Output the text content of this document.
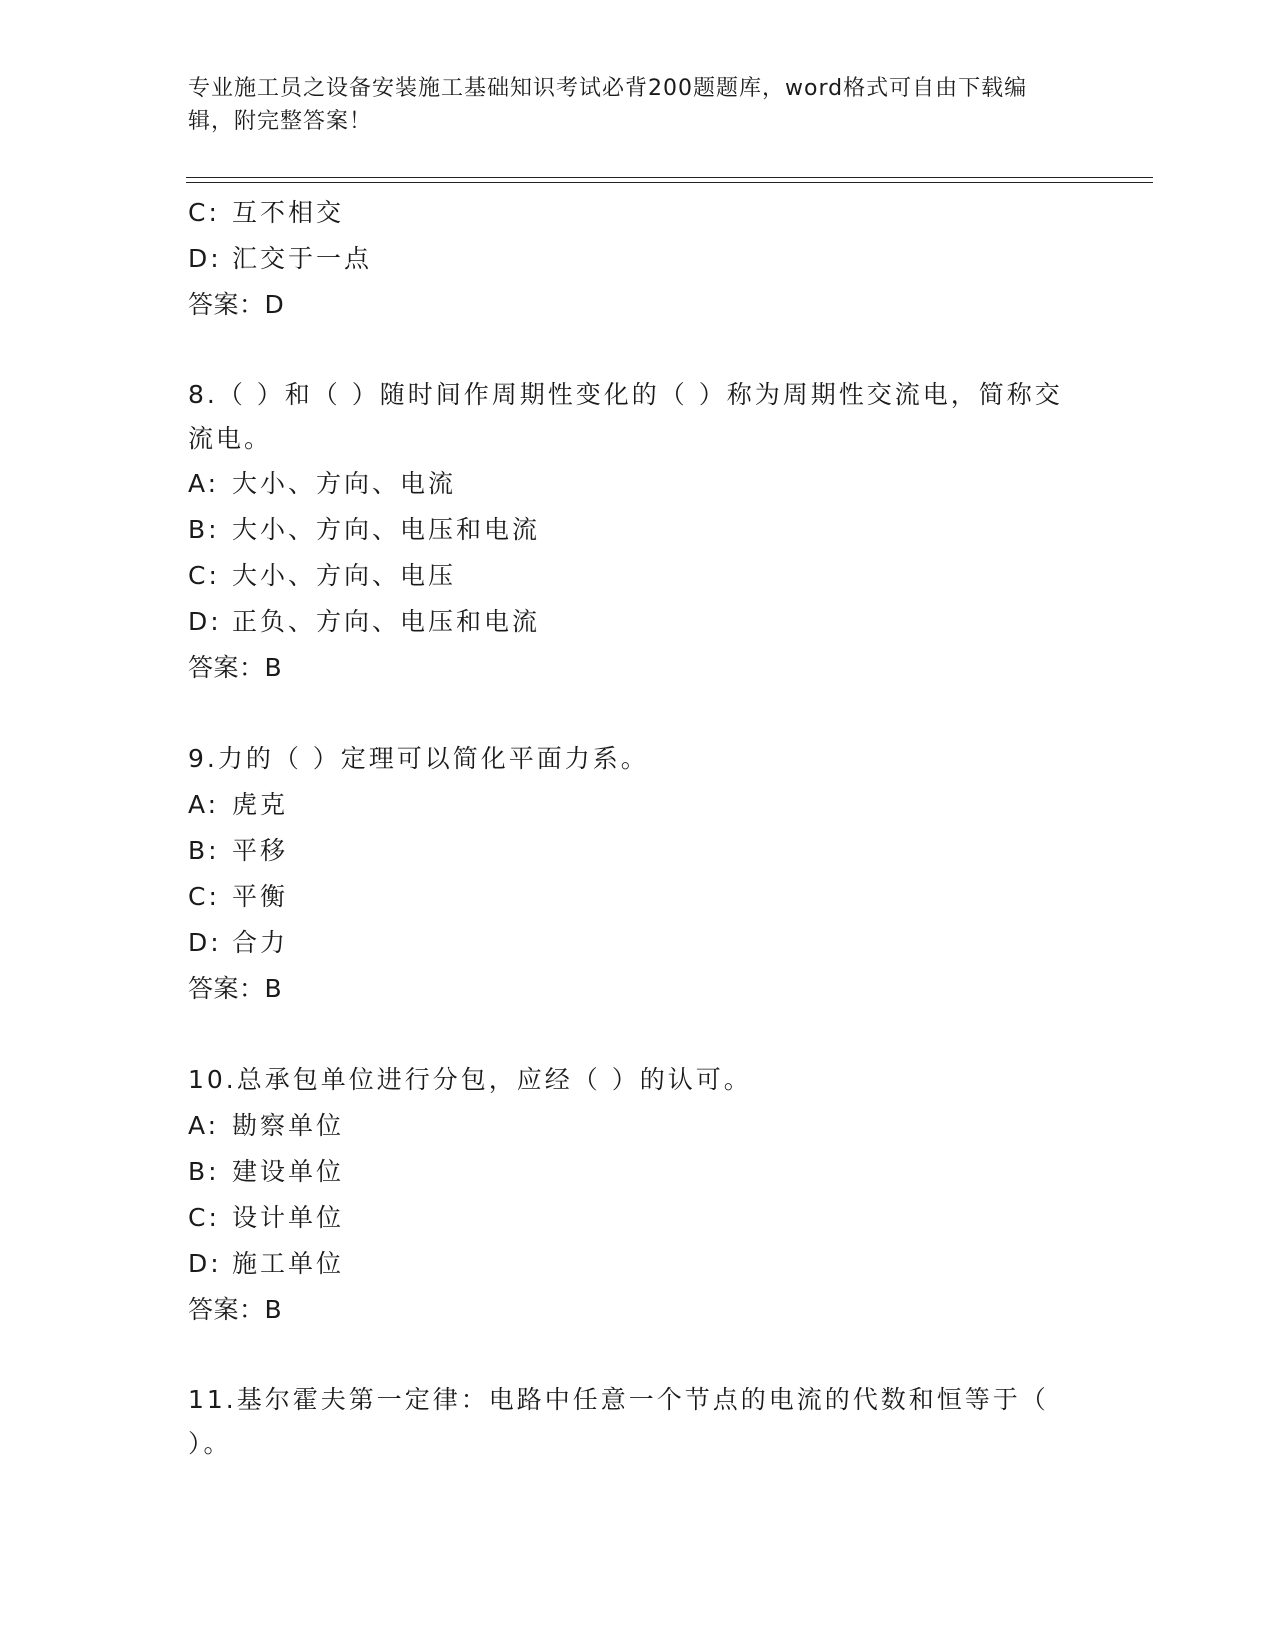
专业施工员之设备安装施工基础知识考试必背200题题库，word格式可自由下载编辑，附完整答案！
C: 互不相交
D: 汇交于一点
答案：D
8.（ ）和（ ）随时间作周期性变化的（ ）称为周期性交流电，简称交流电。
A: 大小、方向、电流
B: 大小、方向、电压和电流
C: 大小、方向、电压
D: 正负、方向、电压和电流
答案：B
9.力的（ ）定理可以简化平面力系。
A: 虎克
B: 平移
C: 平衡
D: 合力
答案：B
10.总承包单位进行分包，应经（ ）的认可。
A: 勘察单位
B: 建设单位
C: 设计单位
D: 施工单位
答案：B
11.基尔霍夫第一定律：电路中任意一个节点的电流的代数和恒等于（ ）。
